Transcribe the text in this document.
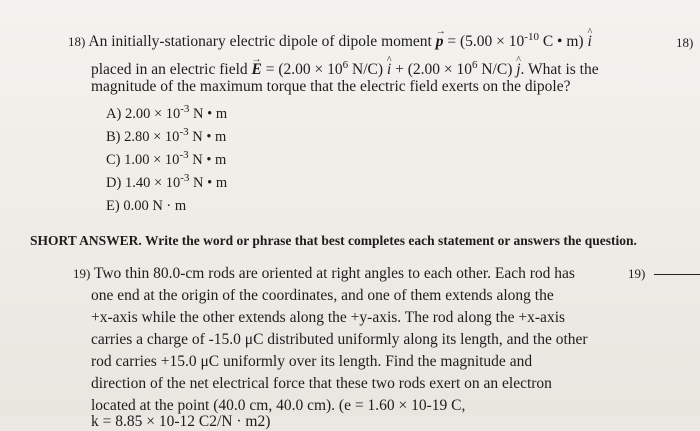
18) An initially-stationary electric dipole of dipole moment → $p = (5.00 \times 10^{-10}$ C • m) ^ i	18)
placed in an electric field → $E = (2.00 \times 10^6$ N/C) ^ $i + (2.00 \times 10^6$ N/C) ^ j. What is the
magnitude of the maximum torque that the electric field exerts on the dipole?
A) $2.00 \times 10^{-3}$ N • m
B) $2.80 \times 10^{-3}$ N • m
C) $1.00 \times 10^{-3}$ N • m
D) $1.40 \times 10^{-3}$ N • m
E) 0.00 N · m
SHORT ANSWER. Write the word or phrase that best completes each statement or answers the question.
19) Two thin 80.0-cm rods are oriented at right angles to each other. Each rod has	19)
one end at the origin of the coordinates, and one of them extends along the
+x-axis while the other extends along the +y-axis. The rod along the +x-axis
carries a charge of -15.0 μC distributed uniformly along its length, and the other
rod carries +15.0 μC uniformly over its length. Find the magnitude and
direction of the net electrical force that these two rods exert on an electron
located at the point (40.0 cm, 40.0 cm). (e = 1.60 × 10-19 C,
k = 8.85 × 10-12 C2/N · m2)
